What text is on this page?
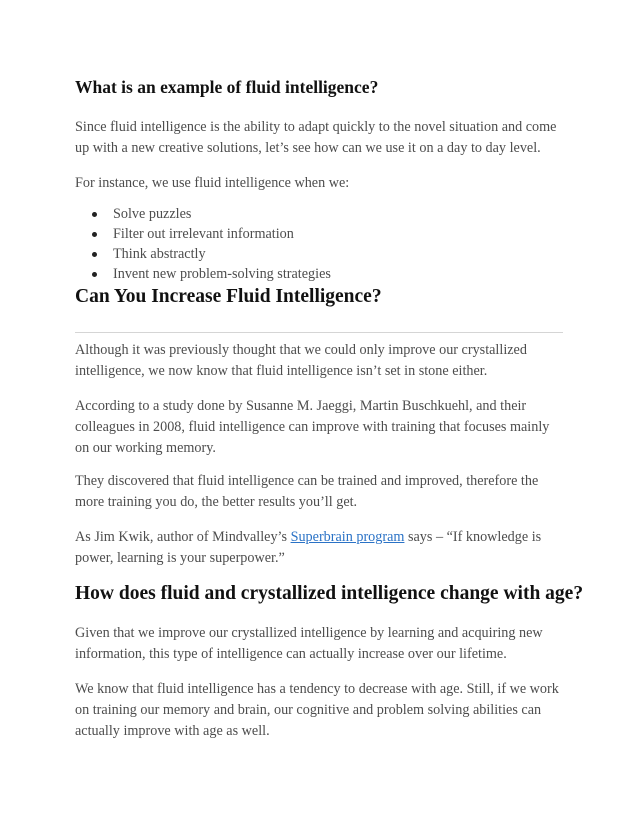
What is an example of fluid intelligence?

Since fluid intelligence is the ability to adapt quickly to the novel situation and come up with a new creative solutions, let’s see how can we use it on a day to day level.

For instance, we use fluid intelligence when we:

Solve puzzles
Filter out irrelevant information
Think abstractly
Invent new problem-solving strategies
Can You Increase Fluid Intelligence?

Although it was previously thought that we could only improve our crystallized intelligence, we now know that fluid intelligence isn’t set in stone either.

According to a study done by Susanne M. Jaeggi, Martin Buschkuehl, and their colleagues in 2008, fluid intelligence can improve with training that focuses mainly on our working memory.

They discovered that fluid intelligence can be trained and improved, therefore the more training you do, the better results you’ll get.

As Jim Kwik, author of Mindvalley’s Superbrain program says – “If knowledge is power, learning is your superpower.”

How does fluid and crystallized intelligence change with age?

Given that we improve our crystallized intelligence by learning and acquiring new information, this type of intelligence can actually increase over our lifetime.

We know that fluid intelligence has a tendency to decrease with age. Still, if we work on training our memory and brain, our cognitive and problem solving abilities can actually improve with age as well.
